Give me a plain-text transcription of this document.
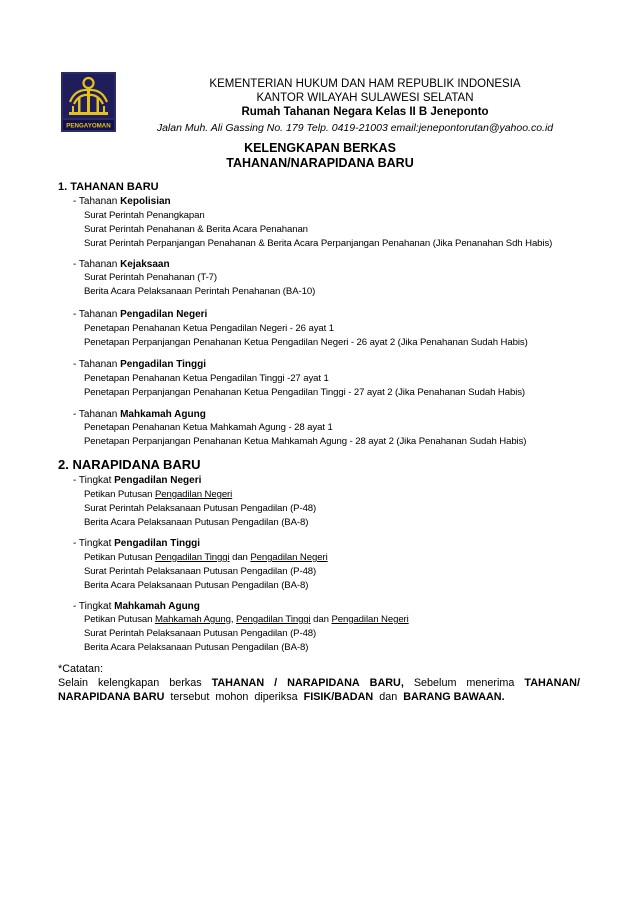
PENGAYOMAN
KEMENTERIAN HUKUM DAN HAM REPUBLIK INDONESIA
KANTOR WILAYAH SULAWESI SELATAN
Rumah Tahanan Negara Kelas II B Jeneponto
Jalan Muh. Ali Gassing No. 179 Telp. 0419-21003 email:jenepontorutan@yahoo.co.id
KELENGKAPAN BERKAS
TAHANAN/NARAPIDANA BARU
1. TAHANAN BARU
- Tahanan Kepolisian
Surat Perintah Penangkapan
Surat Perintah Penahanan & Berita Acara Penahanan
Surat Perintah Perpanjangan Penahanan & Berita Acara Perpanjangan Penahanan (Jika Penanahan Sdh Habis)
- Tahanan Kejaksaan
Surat Perintah Penahanan (T-7)
Berita Acara Pelaksanaan Perintah Penahanan (BA-10)
- Tahanan Pengadilan Negeri
Penetapan Penahanan Ketua Pengadilan Negeri - 26 ayat 1
Penetapan Perpanjangan Penahanan Ketua Pengadilan Negeri - 26 ayat 2 (Jika Penahanan Sudah Habis)
- Tahanan Pengadilan Tinggi
Penetapan Penahanan Ketua Pengadilan Tinggi -27 ayat 1
Penetapan Perpanjangan Penahanan Ketua Pengadilan Tinggi - 27 ayat 2 (Jika Penahanan Sudah Habis)
- Tahanan Mahkamah Agung
Penetapan Penahanan Ketua Mahkamah Agung - 28 ayat 1
Penetapan Perpanjangan Penahanan Ketua Mahkamah Agung - 28 ayat 2 (Jika Penahanan Sudah Habis)
2. NARAPIDANA BARU
- Tingkat Pengadilan Negeri
Petikan Putusan Pengadilan Negeri
Surat Perintah Pelaksanaan Putusan Pengadilan (P-48)
Berita Acara Pelaksanaan Putusan Pengadilan (BA-8)
- Tingkat Pengadilan Tinggi
Petikan Putusan Pengadilan Tinggi dan Pengadilan Negeri
Surat Perintah Pelaksanaan Putusan Pengadilan (P-48)
Berita Acara Pelaksanaan Putusan Pengadilan (BA-8)
- Tingkat Mahkamah Agung
Petikan Putusan Mahkamah Agung, Pengadilan Tinggi dan Pengadilan Negeri
Surat Perintah Pelaksanaan Putusan Pengadilan (P-48)
Berita Acara Pelaksanaan Putusan Pengadilan (BA-8)
*Catatan:
Selain kelengkapan berkas TAHANAN / NARAPIDANA BARU, Sebelum menerima TAHANAN/
NARAPIDANA BARU  tersebut  mohon  diperiksa  FISIK/BADAN  dan  BARANG BAWAAN.
